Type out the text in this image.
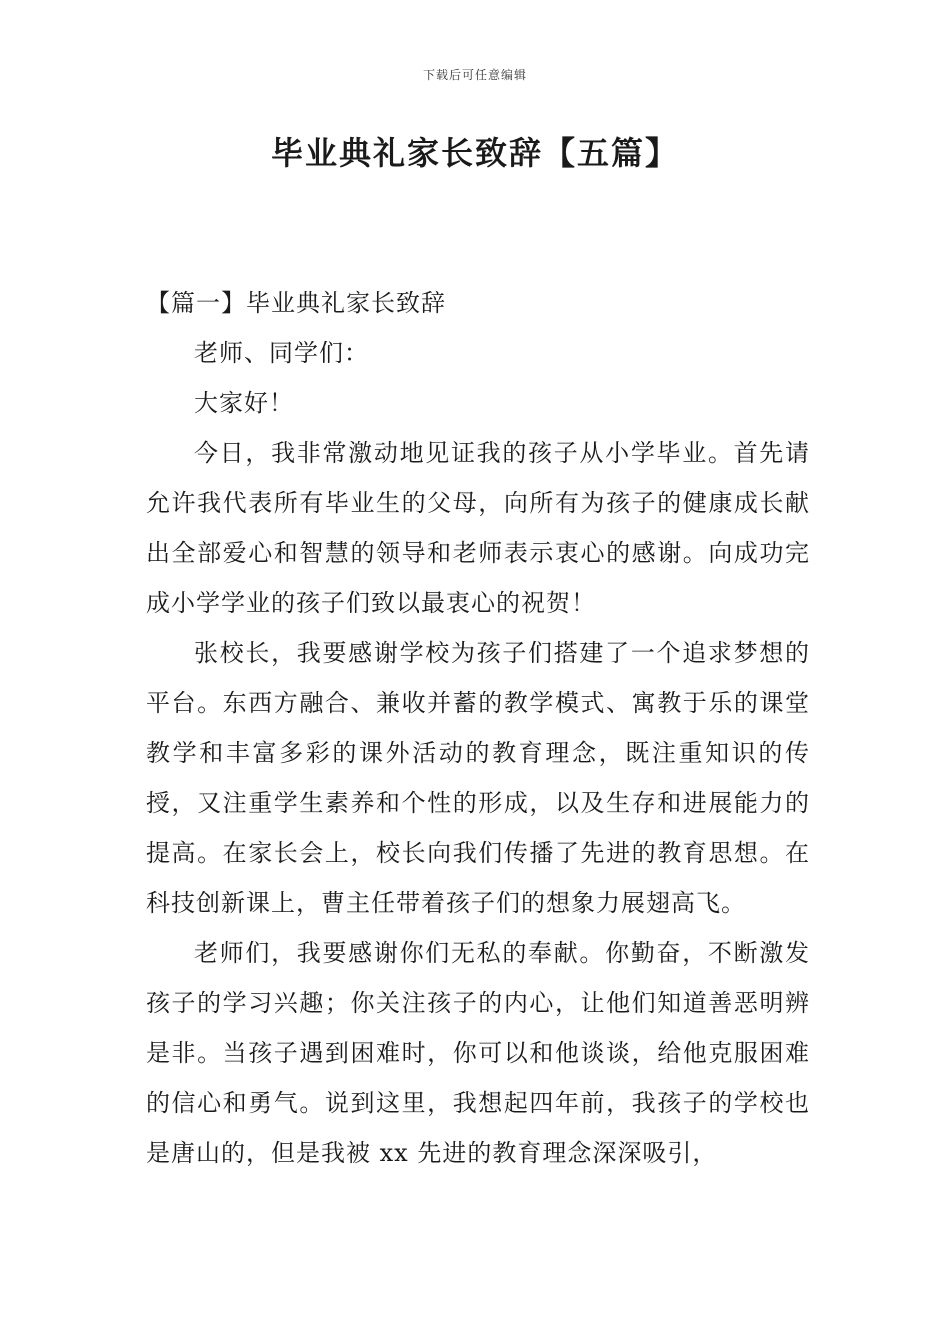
下载后可任意编辑
毕业典礼家长致辞【五篇】

【篇一】毕业典礼家长致辞

老师、同学们：

大家好！

今日，我非常激动地见证我的孩子从小学毕业。首先请允许我代表所有毕业生的父母，向所有为孩子的健康成长献出全部爱心和智慧的领导和老师表示衷心的感谢。向成功完成小学学业的孩子们致以最衷心的祝贺！

张校长，我要感谢学校为孩子们搭建了一个追求梦想的平台。东西方融合、兼收并蓄的教学模式、寓教于乐的课堂教学和丰富多彩的课外活动的教育理念，既注重知识的传授，又注重学生素养和个性的形成，以及生存和进展能力的提高。在家长会上，校长向我们传播了先进的教育思想。在科技创新课上，曹主任带着孩子们的想象力展翅高飞。

老师们，我要感谢你们无私的奉献。你勤奋，不断激发孩子的学习兴趣；你关注孩子的内心，让他们知道善恶明辨是非。当孩子遇到困难时，你可以和他谈谈，给他克服困难的信心和勇气。说到这里，我想起四年前，我孩子的学校也是唐山的，但是我被 xx 先进的教育理念深深吸引，
